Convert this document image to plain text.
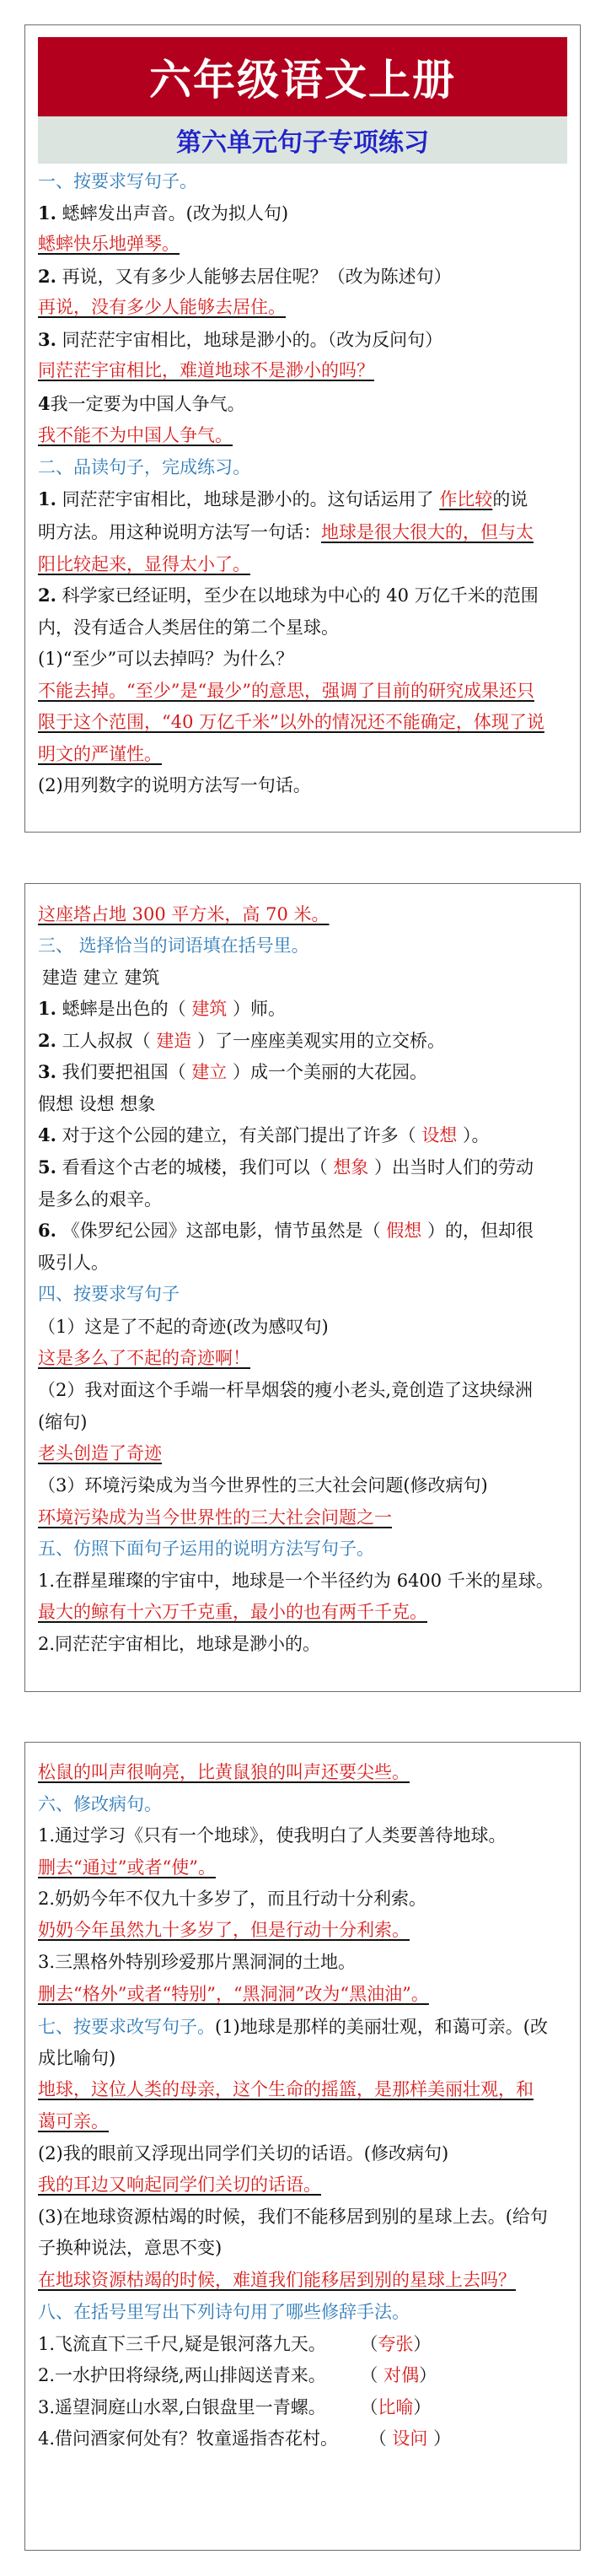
六年级语文上册
第六单元句子专项练习
一、按要求写句子。
1. 蟋蟀发出声音。(改为拟人句)
蟋蟀快乐地弹琴。
2. 再说，又有多少人能够去居住呢？（改为陈述句）
再说，没有多少人能够去居住。
3. 同茫茫宇宙相比，地球是渺小的。（改为反问句）
同茫茫宇宙相比，难道地球不是渺小的吗？
4我一定要为中国人争气。
我不能不为中国人争气。
二、品读句子，完成练习。
1. 同茫茫宇宙相比，地球是渺小的。这句话运用了 作比较的说
明方法。用这种说明方法写一句话：地球是很大很大的，但与太
阳比较起来，显得太小了。
2. 科学家已经证明，至少在以地球为中心的 40 万亿千米的范围
内，没有适合人类居住的第二个星球。
(1)“至少”可以去掉吗？为什么？
不能去掉。“至少”是“最少”的意思，强调了目前的研究成果还只
限于这个范围，“40 万亿千米”以外的情况还不能确定，体现了说
明文的严谨性。
(2)用列数字的说明方法写一句话。
这座塔占地 300 平方米，高 70 米。
三、 选择恰当的词语填在括号里。
建造 建立 建筑
1. 蟋蟀是出色的（ 建筑 ）师。
2. 工人叔叔（ 建造 ）了一座座美观实用的立交桥。
3. 我们要把祖国（ 建立 ）成一个美丽的大花园。
假想 设想 想象
4. 对于这个公园的建立，有关部门提出了许多（ 设想 ）。
5. 看看这个古老的城楼，我们可以（ 想象 ）出当时人们的劳动
是多么的艰辛。
6. 《侏罗纪公园》这部电影，情节虽然是（ 假想 ）的，但却很
吸引人。
四、按要求写句子
（1）这是了不起的奇迹(改为感叹句)
这是多么了不起的奇迹啊！
（2）我对面这个手端一杆旱烟袋的瘦小老头,竟创造了这块绿洲
(缩句)
老头创造了奇迹
（3）环境污染成为当今世界性的三大社会问题(修改病句)
环境污染成为当今世界性的三大社会问题之一
五、仿照下面句子运用的说明方法写句子。
1.在群星璀璨的宇宙中，地球是一个半径约为 6400 千米的星球。
最大的鲸有十六万千克重，最小的也有两千千克。
2.同茫茫宇宙相比，地球是渺小的。
松鼠的叫声很响亮，比黄鼠狼的叫声还要尖些。
六、修改病句。
1.通过学习《只有一个地球》，使我明白了人类要善待地球。
删去“通过”或者“使”。
2.奶奶今年不仅九十多岁了，而且行动十分利索。
奶奶今年虽然九十多岁了，但是行动十分利索。
3.三黑格外特别珍爱那片黑洞洞的土地。
删去“格外”或者“特别”，“黑洞洞”改为“黑油油”。
七、按要求改写句子。(1)地球是那样的美丽壮观，和蔼可亲。(改
成比喻句)
地球，这位人类的母亲，这个生命的摇篮，是那样美丽壮观，和
蔼可亲。
(2)我的眼前又浮现出同学们关切的话语。(修改病句)
我的耳边又响起同学们关切的话语。
(3)在地球资源枯竭的时候，我们不能移居到别的星球上去。(给句
子换种说法，意思不变)
在地球资源枯竭的时候，难道我们能移居到别的星球上去吗？
八、在括号里写出下列诗句用了哪些修辞手法。
1.飞流直下三千尺,疑是银河落九天。 （夸张）
2.一水护田将绿绕,两山排闼送青来。 （ 对偶）
3.遥望洞庭山水翠,白银盘里一青螺。 （比喻）
4.借问酒家何处有？牧童遥指杏花村。 （ 设问 ）
